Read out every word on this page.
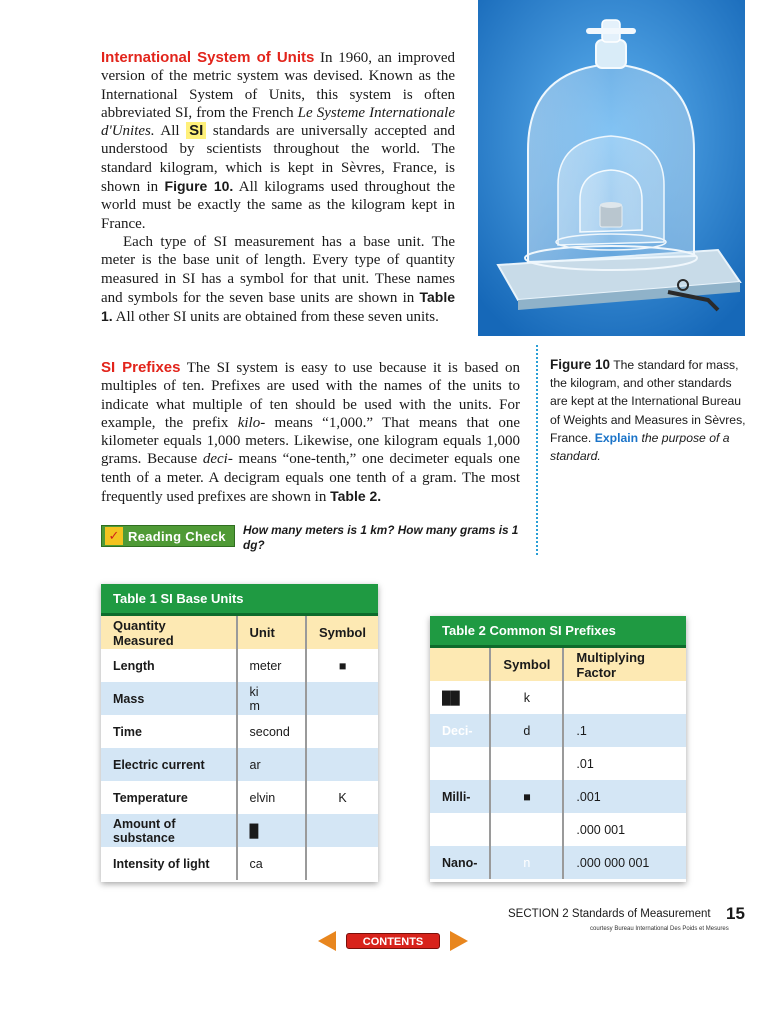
International System of Units In 1960, an improved version of the metric system was devised. Known as the International System of Units, this system is often abbreviated SI, from the French Le Systeme Internationale d'Unites. All SI standards are universally accepted and understood by scientists throughout the world. The standard kilogram, which is kept in Sèvres, France, is shown in Figure 10. All kilograms used throughout the world must be exactly the same as the kilogram kept in France.

Each type of SI measurement has a base unit. The meter is the base unit of length. Every type of quantity measured in SI has a symbol for that unit. These names and symbols for the seven base units are shown in Table 1. All other SI units are obtained from these seven units.

SI Prefixes The SI system is easy to use because it is based on multiples of ten. Prefixes are used with the names of the units to indicate what multiple of ten should be used with the units. For example, the prefix kilo- means “1,000.” That means that one kilometer equals 1,000 meters. Likewise, one kilogram equals 1,000 grams. Because deci- means “one-tenth,” one decimeter equals one tenth of a meter. A decigram equals one tenth of a gram. The most frequently used prefixes are shown in Table 2.

Figure 10 The standard for mass, the kilogram, and other standards are kept at the International Bureau of Weights and Measures in Sèvres, France. Explain the purpose of a standard.
✓ Reading Check How many meters is 1 km? How many grams is 1 dg?
Table 1 SI Base Units
Quantity Measured	Unit	Symbol
Length	meter	■
Mass	ki  m	
Time	second	
Electric current	ar	
Temperature	elvin	K
Amount of substance	█	
Intensity of light	ca	
Table 2 Common SI Prefixes
	Symbol	Multiplying Factor
██	k	
Deci-	d	.1
		.01
Milli-	■	.001
		.000 001
Nano-	n	.000 000 001
SECTION 2 Standards of Measurement 15
courtesy Bureau International Des Poids et Mesures
CONTENTS
